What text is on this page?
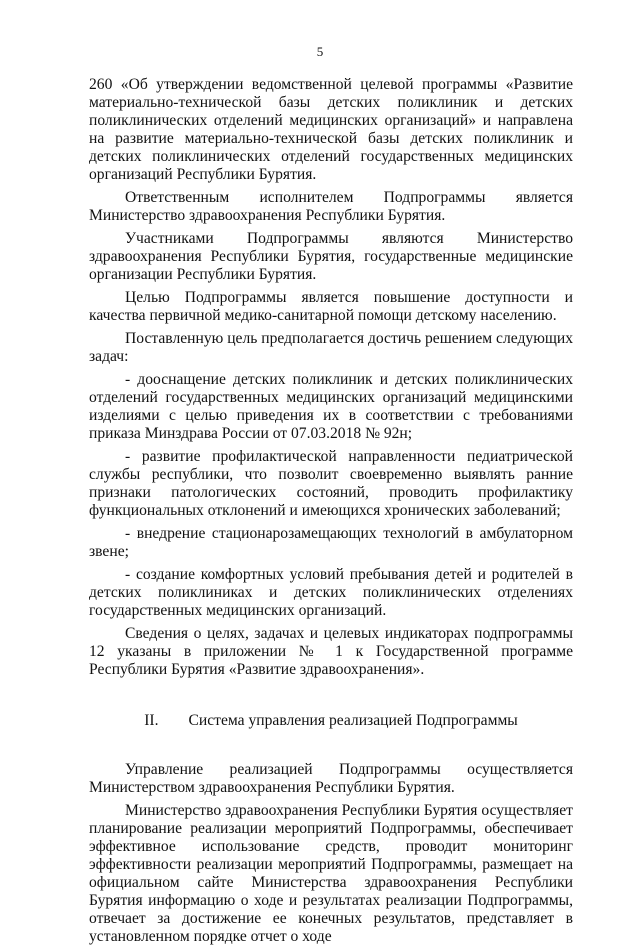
5

260 «Об утверждении ведомственной целевой программы «Развитие материально-технической базы детских поликлиник и детских поликлинических отделений медицинских организаций» и направлена на развитие материально-технической базы детских поликлиник и детских поликлинических отделений государственных медицинских организаций Республики Бурятия.

Ответственным исполнителем Подпрограммы является Министерство здравоохранения Республики Бурятия.

Участниками Подпрограммы являются Министерство здравоохранения Республики Бурятия, государственные медицинские организации Республики Бурятия.

Целью Подпрограммы является повышение доступности и качества первичной медико-санитарной помощи детскому населению.

Поставленную цель предполагается достичь решением следующих задач:

- дооснащение детских поликлиник и детских поликлинических отделений государственных медицинских организаций медицинскими изделиями с целью приведения их в соответствии с требованиями приказа Минздрава России от 07.03.2018 № 92н;

- развитие профилактической направленности педиатрической службы республики, что позволит своевременно выявлять ранние признаки патологических состояний, проводить профилактику функциональных отклонений и имеющихся хронических заболеваний;

- внедрение стационарозамещающих технологий в амбулаторном звене;

- создание комфортных условий пребывания детей и родителей в детских поликлиниках и детских поликлинических отделениях государственных медицинских организаций.

Сведения о целях, задачах и целевых индикаторах подпрограммы 12 указаны в приложении № 1 к Государственной программе Республики Бурятия «Развитие здравоохранения».

II. Система управления реализацией Подпрограммы

Управление реализацией Подпрограммы осуществляется Министерством здравоохранения Республики Бурятия.

Министерство здравоохранения Республики Бурятия осуществляет планирование реализации мероприятий Подпрограммы, обеспечивает эффективное использование средств, проводит мониторинг эффективности реализации мероприятий Подпрограммы, размещает на официальном сайте Министерства здравоохранения Республики Бурятия информацию о ходе и результатах реализации Подпрограммы, отвечает за достижение ее конечных результатов, представляет в установленном порядке отчет о ходе
